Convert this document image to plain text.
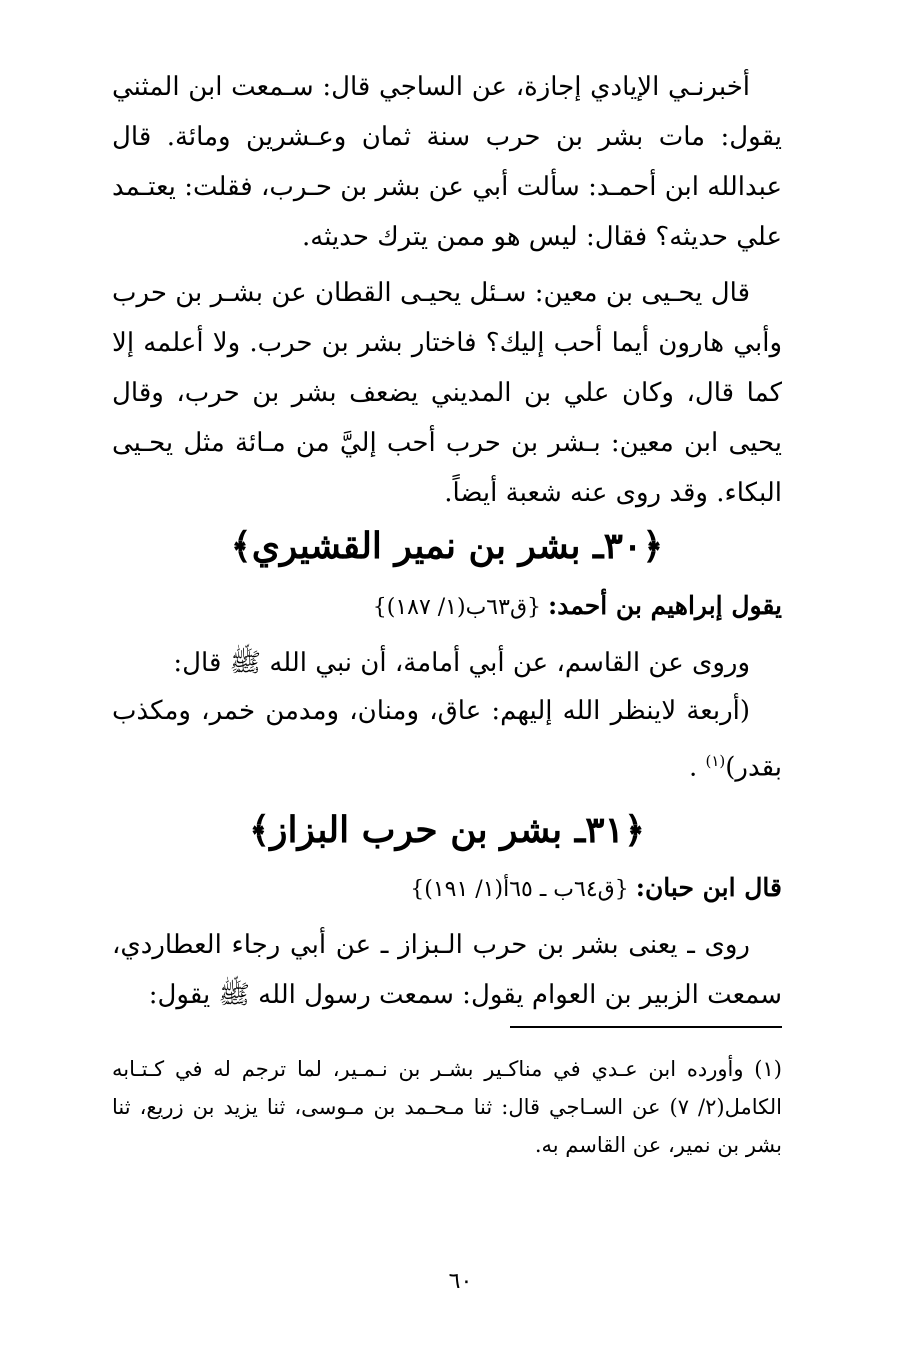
أخبرنـي الإيادي إجازة، عن الساجي قال: سـمعت ابن المثني يقول: مات بشر بن حرب سنة ثمان وعـشرين ومائة. قال عبدالله ابن أحمـد: سألت أبي عن بشر بن حـرب، فقلت: يعتـمد علي حديثه؟ فقال: ليس هو ممن يترك حديثه.

قال يحـيى بن معين: سـئل يحيـى القطان عن بشـر بن حرب وأبي هارون أيما أحب إليك؟ فاختار بشر بن حرب. ولا أعلمه إلا كما قال، وكان علي بن المديني يضعف بشر بن حرب، وقال يحيى ابن معين: بـشر بن حرب أحب إليَّ من مـائة مثل يحـيى البكاء. وقد روى عنه شعبة أيضاً.

﴿٣٠ـ بشر بن نمير القشيري﴾

يقول إبراهيم بن أحمد: {ق٦٣ب(١/ ١٨٧)}

وروى عن القاسم، عن أبي أمامة، أن نبي الله ﷺ قال:

(أربعة لاينظر الله إليهم: عاق، ومنان، ومدمن خمر، ومكذب بقدر)$^{(١)}$ .

﴿٣١ـ بشر بن حرب البزاز﴾

قال ابن حبان: {ق٦٤ب ـ ٦٥أ(١/ ١٩١)}

روى ـ يعنى بشر بن حرب الـبزاز ـ عن أبي رجاء العطاردي، سمعت الزبير بن العوام يقول: سمعت رسول الله ﷺ يقول:

(١) وأورده ابن عـدي في مناكـير بشـر بن نـمـير، لما ترجم له في كـتـابه الكامل(٢/ ٧) عن السـاجي قال: ثنا مـحـمد بن مـوسى، ثنا يزيد بن زريع، ثنا بشر بن نمير، عن القاسم به.

٦٠
